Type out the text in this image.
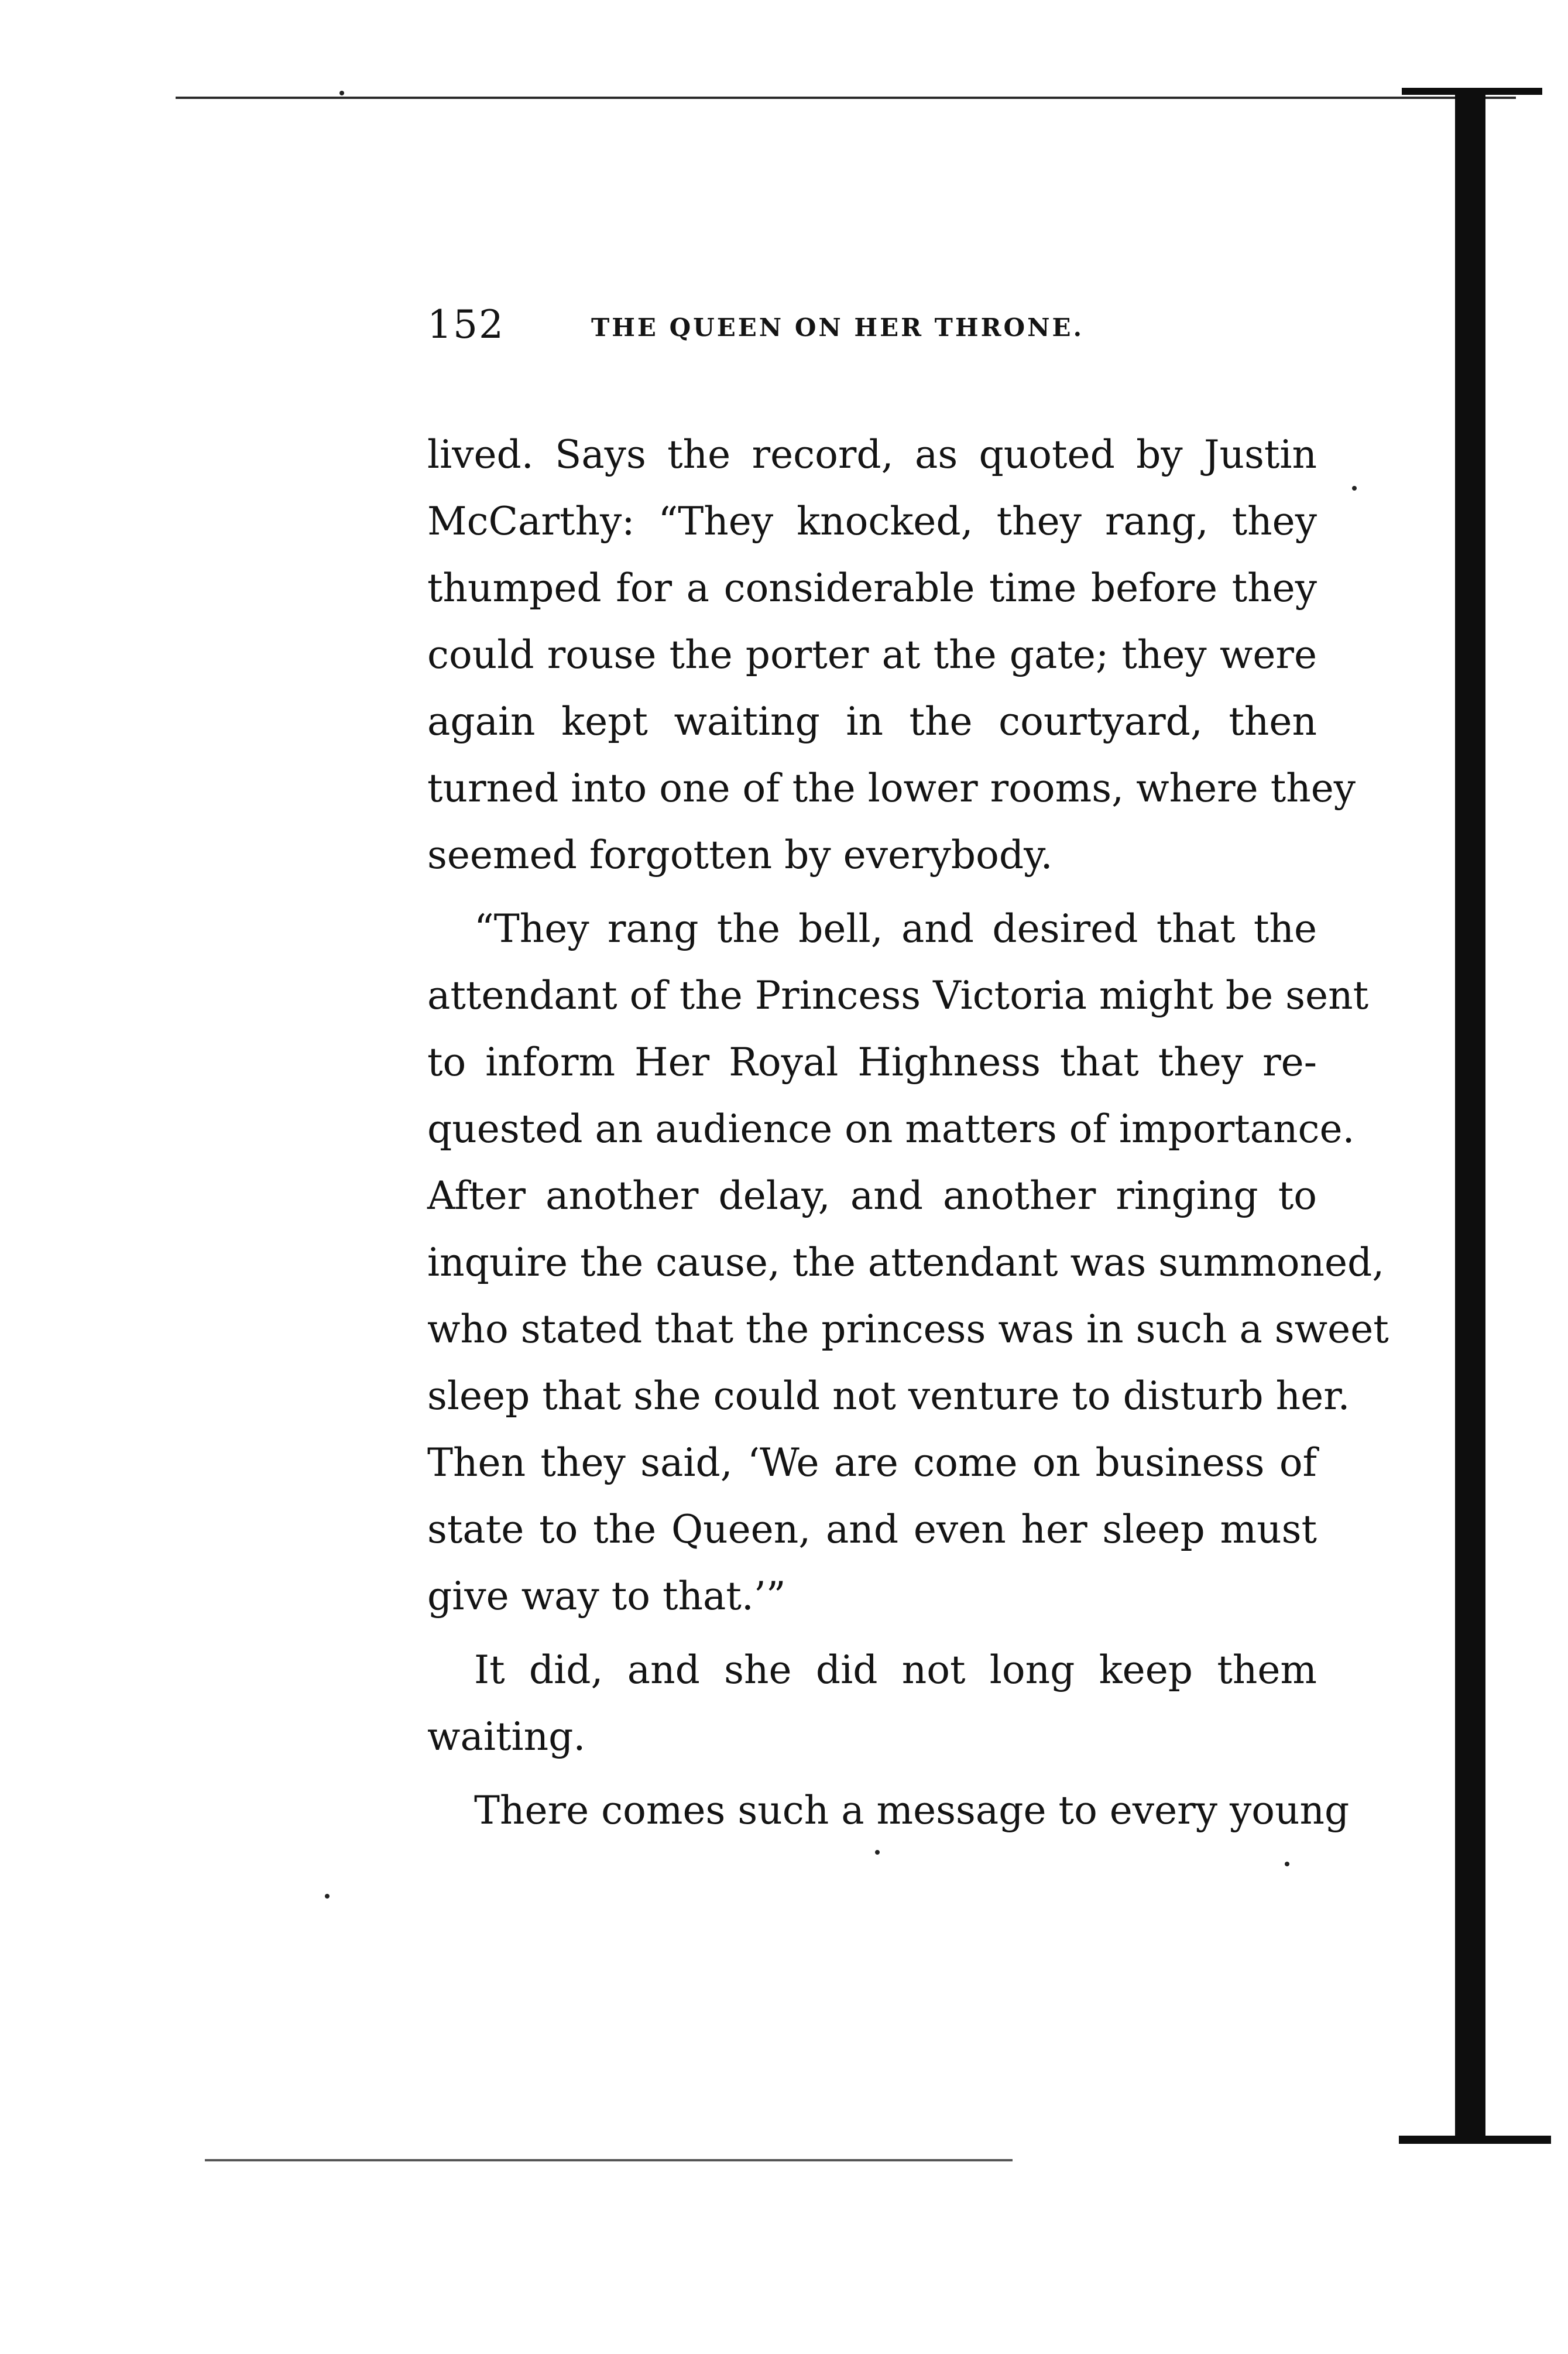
152	THE QUEEN ON HER THRONE.
lived. Says the record, as quoted by Justin
McCarthy: “They knocked, they rang, they
thumped for a considerable time before they
could rouse the porter at the gate; they were
again kept waiting in the courtyard, then
turned into one of the lower rooms, where they
seemed forgotten by everybody.
“They rang the bell, and desired that the
attendant of the Princess Victoria might be sent
to inform Her Royal Highness that they re-
quested an audience on matters of importance.
After another delay, and another ringing to
inquire the cause, the attendant was summoned,
who stated that the princess was in such a sweet
sleep that she could not venture to disturb her.
Then they said, ‘We are come on business of
state to the Queen, and even her sleep must
give way to that.’”
It did, and she did not long keep them
waiting.
There comes such a message to every young
